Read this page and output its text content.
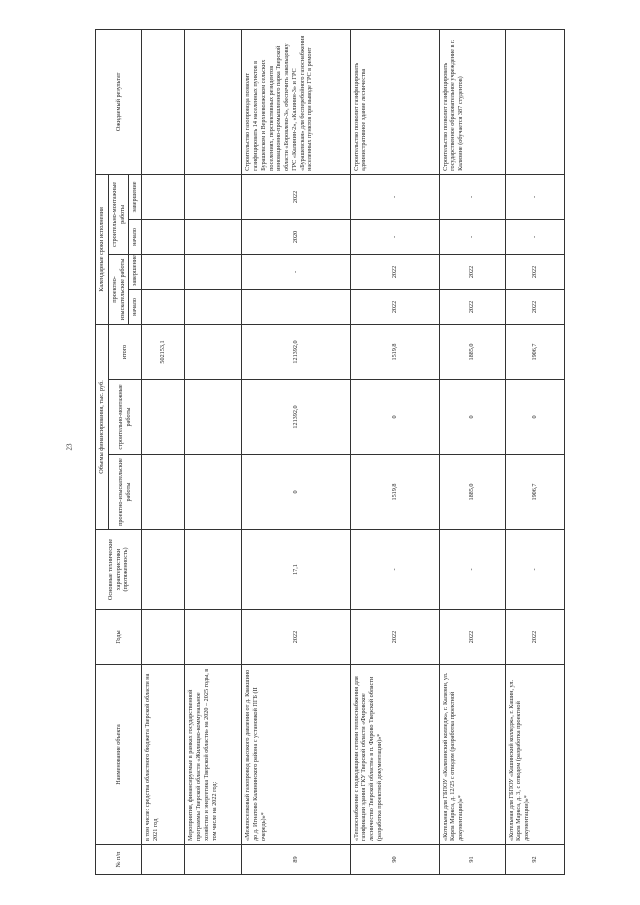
23
№ п/п	Наименование объекта	Годы	Основные технические характеристики (протяженность)	Объемы финансирования, тыс. руб.			Календарные сроки исполнения				Ожидаемый результат
				проектно-изыскательские работы	строительно-монтажные работы	итого	проектно-изыскательские работы		строительно-монтажные работы		
							начало	завершение	начало	завершение	
	в том числе: средства областного бюджета Тверской области на 2021 год					502153,1					
	Мероприятия, финансируемые в рамках государственной программы Тверской области «Жилищно-коммунальное хозяйство и энергетика Тверской области» на 2020 – 2025 годы, в том числе на 2022 год:										
89	«Межпоселковый газопровод высокого давления от д. Квакшино до д. Игнатово Калининского района с установкой ПГБ (II очередь)»*	2022	17,1	0	121392,0	121392,0		-	2020	2022	Строительство газопровода позволит газифицировать 14 населенных пунктов в Бурашевском и Верхневолжском сельских поселениях, перспективных резидентов инновационно-промышленного парка Тверской области «Боровлево-3», обеспечить закольцовку ГРС «Калинин-2», «Калинин-3» и ГРС «Бурашевская» для бесперебойного газоснабжения населенных пунктов при выводе ГРС в ремонт
90	«Теплоснабжение с подводящими сетями теплоснабжения для газификации здания ГКУ Тверской области «Фировское лесничество Тверской области» в п. Фирово Тверской области (разработка проектной документации)»*	2022	-	1519,8	0	1519,8	2022	2022	-	-	Строительство позволит газифицировать административное здание лесничества
91	«Котельная для ГБПОУ «Калязинский колледж», г. Калязин, ул. Карла Маркса, д. 12/25 с отводом (разработка проектной документации)»*	2022	-	1885,0	0	1885,0	2022	2022	-	-	Строительство позволит газифицировать государственное образовательное учреждение в г. Калязине (обучается 387 студентов)
92	«Котельная для ГБПОУ «Кашинский колледж», г. Кашин, ул. Карла Маркса, д. 3, с отводом (разработка проектной документации)»*	2022	-	1906,7	0	1906,7	2022	2022	-	-	
